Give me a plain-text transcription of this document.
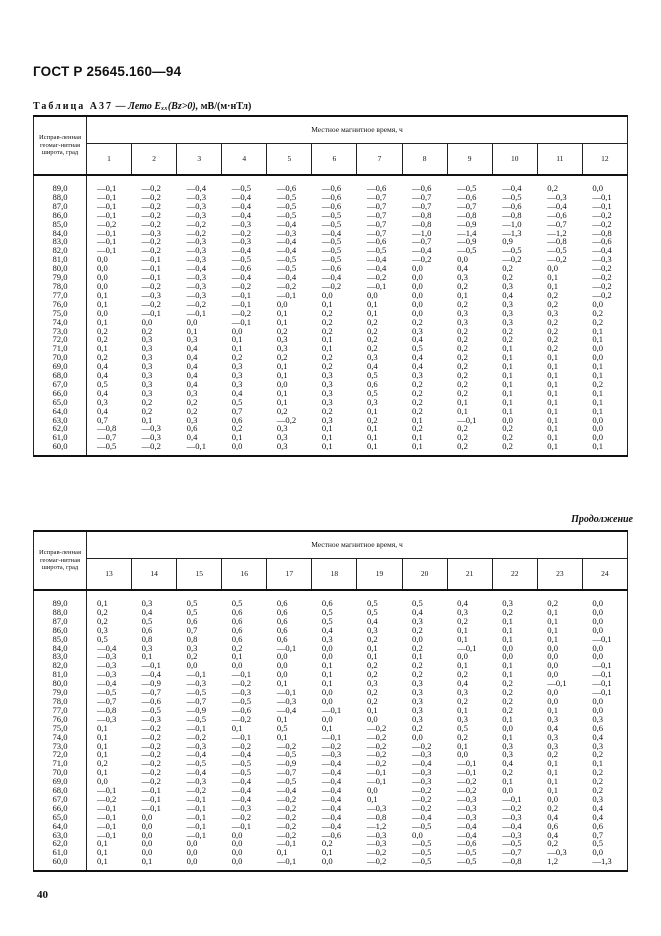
ГОСТ Р 25645.160—94
Таблица А37 — Лето Eₓₓ(Bz>0), мВ/(м·нТл)
Исправ-ленная геомаг-нитная широта, град	Местное магнитное время, ч											
	1	2	3	4	5	6	7	8	9	10	11	12
89,0	—0,1	—0,2	—0,4	—0,5	—0,6	—0,6	—0,6	—0,6	—0,5	—0,4	0,2	0,0
88,0	—0,1	—0,2	—0,3	—0,4	—0,5	—0,6	—0,7	—0,7	—0,6	—0,5	—0,3	—0,1
87,0	—0,1	—0,2	—0,3	—0,4	—0,5	—0,6	—0,7	—0,7	—0,7	—0,6	—0,4	—0,1
86,0	—0,1	—0,2	—0,3	—0,4	—0,5	—0,5	—0,7	—0,8	—0,8	—0,8	—0,6	—0,2
85,0	—0,2	—0,2	—0,2	—0,3	—0,4	—0,5	—0,7	—0,8	—0,9	—1,0	—0,7	—0,2
84,0	—0,1	—0,3	—0,2	—0,2	—0,3	—0,4	—0,7	—1,0	—1,4	—1,3	—1,2	—0,8
83,0	—0,1	—0,2	—0,3	—0,3	—0,4	—0,5	—0,6	—0,7	—0,9	0,9	—0,8	—0,6
82,0	—0,1	—0,2	—0,3	—0,4	—0,4	—0,5	—0,5	—0,4	—0,5	—0,5	—0,5	—0,4
81,0	0,0	—0,1	—0,3	—0,5	—0,5	—0,5	—0,4	—0,2	0,0	—0,2	—0,2	—0,3
80,0	0,0	—0,1	—0,4	—0,6	—0,5	—0,6	—0,4	0,0	0,4	0,2	0,0	—0,2
79,0	0,0	—0,1	—0,3	—0,4	—0,4	—0,4	—0,2	0,0	0,3	0,2	0,1	—0,2
78,0	0,0	—0,2	—0,3	—0,2	—0,2	—0,2	—0,1	0,0	0,2	0,3	0,1	—0,2
77,0	0,1	—0,3	—0,3	—0,1	—0,1	0,0	0,0	0,0	0,1	0,4	0,2	—0,2
76,0	0,1	—0,2	—0,2	—0,1	0,0	0,1	0,1	0,0	0,2	0,3	0,2	0,0
75,0	0,0	—0,1	—0,1	—0,2	0,1	0,2	0,1	0,0	0,3	0,3	0,3	0,2
74,0	0,1	0,0	0,0	—0,1	0,1	0,2	0,2	0,2	0,3	0,3	0,2	0,2
73,0	0,2	0,2	0,1	0,0	0,2	0,2	0,2	0,3	0,2	0,2	0,2	0,1
72,0	0,2	0,3	0,3	0,1	0,3	0,1	0,2	0,4	0,2	0,2	0,2	0,1
71,0	0,1	0,3	0,4	0,1	0,3	0,1	0,2	0,5	0,2	0,1	0,2	0,0
70,0	0,2	0,3	0,4	0,2	0,2	0,2	0,3	0,4	0,2	0,1	0,1	0,0
69,0	0,4	0,3	0,4	0,3	0,1	0,2	0,4	0,4	0,2	0,1	0,1	0,1
68,0	0,4	0,3	0,4	0,3	0,1	0,3	0,5	0,3	0,2	0,1	0,1	0,1
67,0	0,5	0,3	0,4	0,3	0,0	0,3	0,6	0,2	0,2	0,1	0,1	0,2
66,0	0,4	0,3	0,3	0,4	0,1	0,3	0,5	0,2	0,2	0,1	0,1	0,1
65,0	0,3	0,2	0,2	0,5	0,1	0,3	0,3	0,2	0,1	0,1	0,1	0,1
64,0	0,4	0,2	0,2	0,7	0,2	0,2	0,1	0,2	0,1	0,1	0,1	0,1
63,0	0,7	0,1	0,3	0,6	—0,2	0,3	0,2	0,1	—0,1	0,0	0,1	0,0
62,0	—0,8	—0,3	0,6	0,2	0,3	0,1	0,1	0,2	0,2	0,2	0,1	0,0
61,0	—0,7	—0,3	0,4	0,1	0,3	0,1	0,1	0,1	0,2	0,2	0,1	0,0
60,0	—0,5	—0,2	—0,1	0,0	0,3	0,1	0,1	0,1	0,2	0,2	0,1	0,1
Продолжение
Исправ-ленная геомаг-нитная широта, град	Местное магнитное время, ч											
	13	14	15	16	17	18	19	20	21	22	23	24
89,0	0,1	0,3	0,5	0,5	0,6	0,6	0,5	0,5	0,4	0,3	0,2	0,0
88,0	0,2	0,4	0,5	0,6	0,6	0,5	0,5	0,4	0,3	0,2	0,1	0,0
87,0	0,2	0,5	0,6	0,6	0,6	0,5	0,4	0,3	0,2	0,1	0,1	0,0
86,0	0,3	0,6	0,7	0,6	0,6	0,4	0,3	0,2	0,1	0,1	0,1	0,0
85,0	0,5	0,8	0,8	0,6	0,6	0,3	0,2	0,0	0,1	0,1	0,1	—0,1
84,0	—0,4	0,3	0,3	0,2	—0,1	0,0	0,1	0,2	—0,1	0,0	0,0	0,0
83,0	—0,3	0,1	0,2	0,1	0,0	0,0	0,1	0,1	0,0	0,0	0,0	0,0
82,0	—0,3	—0,1	0,0	0,0	0,0	0,1	0,2	0,2	0,1	0,1	0,0	—0,1
81,0	—0,3	—0,4	—0,1	—0,1	0,0	0,1	0,2	0,2	0,2	0,1	0,0	—0,1
80,0	—0,4	—0,9	—0,3	—0,2	0,1	0,1	0,3	0,3	0,4	0,2	—0,1	—0,1
79,0	—0,5	—0,7	—0,5	—0,3	—0,1	0,0	0,2	0,3	0,3	0,2	0,0	—0,1
78,0	—0,7	—0,6	—0,7	—0,5	—0,3	0,0	0,2	0,3	0,2	0,2	0,0	0,0
77,0	—0,8	—0,5	—0,9	—0,6	—0,4	—0,1	0,1	0,3	0,1	0,2	0,1	0,0
76,0	—0,3	—0,3	—0,5	—0,2	0,1	0,0	0,0	0,3	0,3	0,1	0,3	0,3
75,0	0,1	—0,2	—0,1	0,1	0,5	0,1	—0,2	0,2	0,5	0,0	0,4	0,6
74,0	0,1	—0,2	—0,2	—0,1	0,1	—0,1	—0,2	0,0	0,2	0,1	0,3	0,4
73,0	0,1	—0,2	—0,3	—0,2	—0,2	—0,2	—0,2	—0,2	0,1	0,3	0,3	0,3
72,0	0,1	—0,2	—0,4	—0,4	—0,5	—0,3	—0,2	—0,3	0,0	0,3	0,2	0,2
71,0	0,2	—0,2	—0,5	—0,5	—0,9	—0,4	—0,2	—0,4	—0,1	0,4	0,1	0,1
70,0	0,1	—0,2	—0,4	—0,5	—0,7	—0,4	—0,1	—0,3	—0,1	0,2	0,1	0,2
69,0	0,0	—0,2	—0,3	—0,4	—0,5	—0,4	—0,1	—0,3	—0,2	0,1	0,1	0,2
68,0	—0,1	—0,1	—0,2	—0,4	—0,4	—0,4	0,0	—0,2	—0,2	0,0	0,1	0,2
67,0	—0,2	—0,1	—0,1	—0,4	—0,2	—0,4	0,1	—0,2	—0,3	—0,1	0,0	0,3
66,0	—0,1	—0,1	—0,1	—0,3	—0,2	—0,4	—0,3	—0,2	—0,3	—0,2	0,2	0,4
65,0	—0,1	0,0	—0,1	—0,2	—0,2	—0,4	—0,8	—0,4	—0,3	—0,3	0,4	0,4
64,0	—0,1	0,0	—0,1	—0,1	—0,2	—0,4	—1,2	—0,5	—0,4	—0,4	0,6	0,6
63,0	—0,1	0,0	—0,1	0,0	—0,2	—0,6	—0,3	0,0	—0,4	—0,3	0,4	0,7
62,0	0,1	0,0	0,0	0,0	—0,1	0,2	—0,3	—0,5	—0,6	—0,5	0,2	0,5
61,0	0,1	0,0	0,0	0,0	0,1	0,1	—0,2	—0,5	—0,5	—0,7	—0,3	0,0
60,0	0,1	0,1	0,0	0,0	—0,1	0,0	—0,2	—0,5	—0,5	—0,8	1,2	—1,3
40
